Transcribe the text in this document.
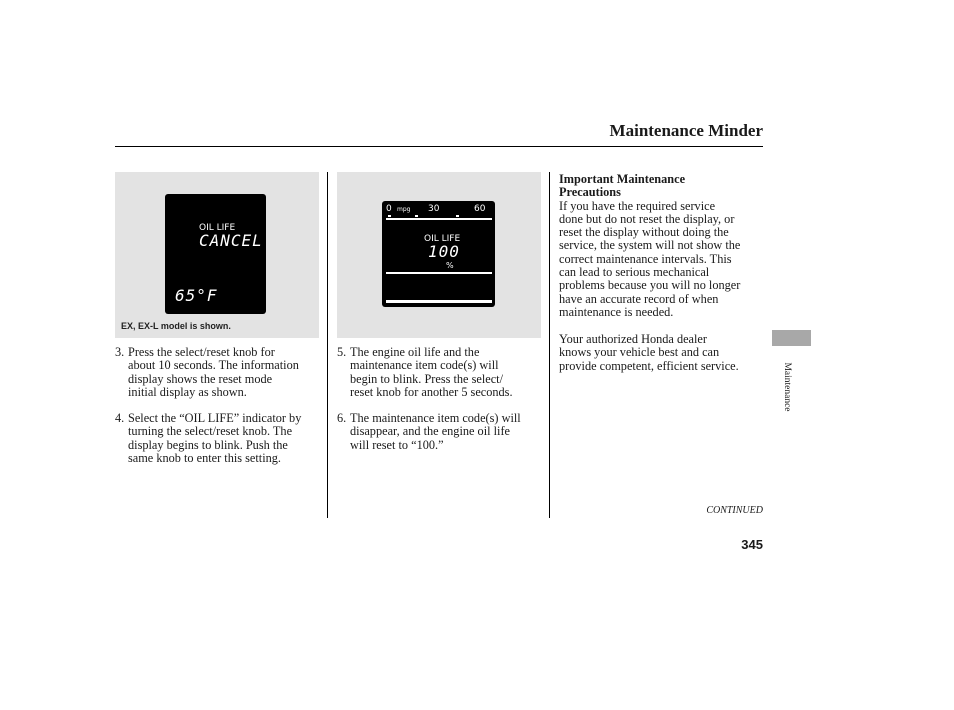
Maintenance Minder
OIL LIFE
CANCEL
65°F
EX, EX-L model is shown.
0 mpg 30	60
OIL LIFE
100
%
3. Press the select/reset knob for
about 10 seconds. The information
display shows the reset mode
initial display as shown.
4. Select the “OIL LIFE” indicator by
turning the select/reset knob. The
display begins to blink. Push the
same knob to enter this setting.
5. The engine oil life and the
maintenance item code(s) will
begin to blink. Press the select/
reset knob for another 5 seconds.
6. The maintenance item code(s) will
disappear, and the engine oil life
will reset to “100.”
Important Maintenance
Precautions
If you have the required service
done but do not reset the display, or
reset the display without doing the
service, the system will not show the
correct maintenance intervals. This
can lead to serious mechanical
problems because you will no longer
have an accurate record of when
maintenance is needed.
Your authorized Honda dealer
knows your vehicle best and can
provide competent, efficient service.	Maintenance
CONTINUED
345
